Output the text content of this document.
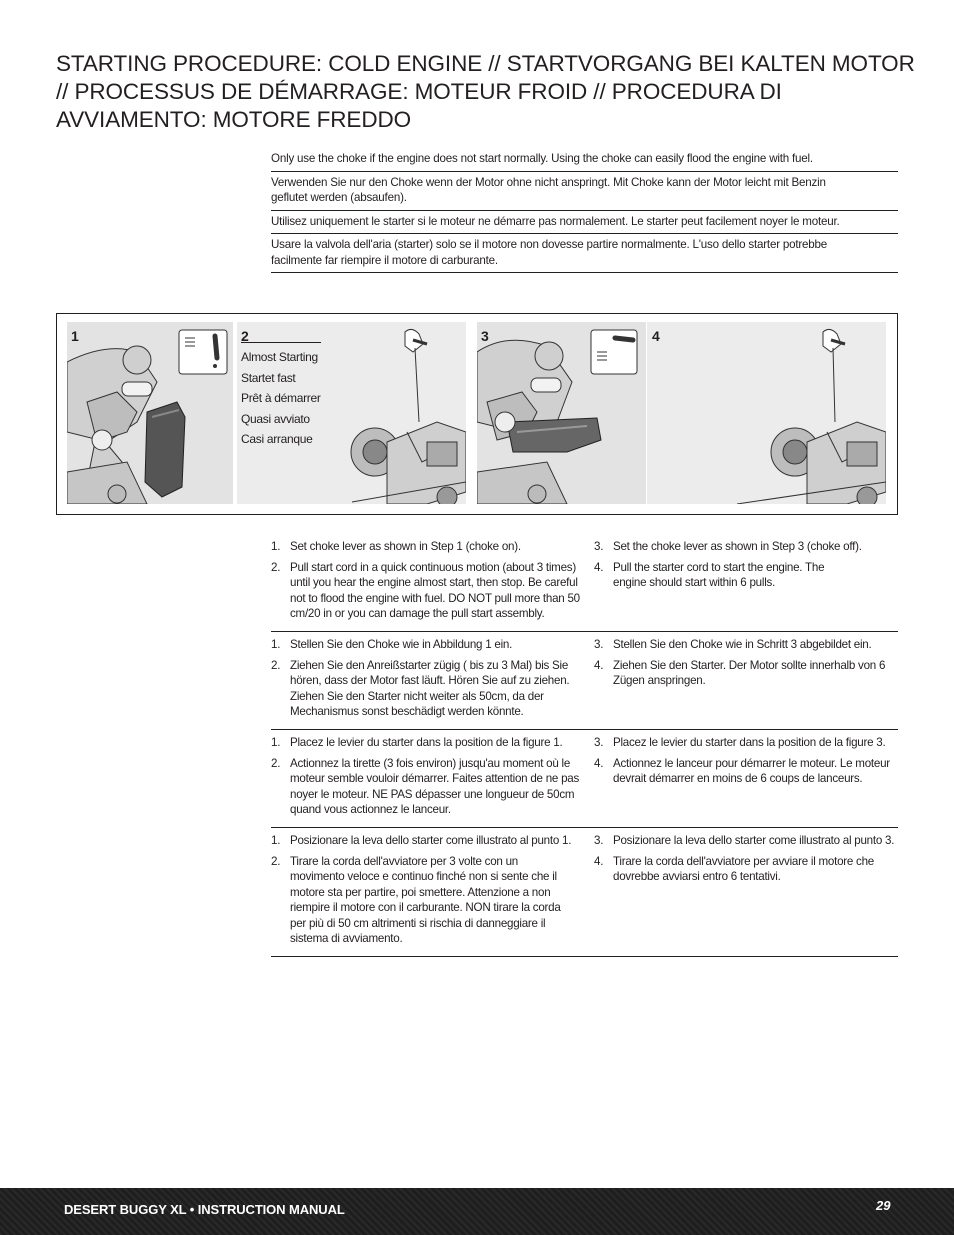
STARTING PROCEDURE: COLD ENGINE // STARTVORGANG BEI KALTEN MOTOR // PROCESSUS DE DÉMARRAGE: MOTEUR FROID // PROCEDURA DI AVVIAMENTO: MOTORE FREDDO
Only use the choke if the engine does not start normally. Using the choke can easily flood the engine with fuel.
Verwenden Sie nur den Choke wenn der Motor ohne nicht anspringt. Mit Choke kann der Motor leicht mit Benzin geflutet werden (absaufen).
Utilisez uniquement le starter si le moteur ne démarre pas normalement. Le starter peut facilement noyer le moteur.
Usare la valvola dell'aria (starter) solo se il motore non dovesse partire normalmente. L'uso dello starter potrebbe facilmente far riempire il motore di carburante.
1	2
Almost Starting
Startet fast
Prêt à démarrer
Quasi avviato
Casi arranque
3	4
1. Set choke lever as shown in Step 1 (choke on).
2. Pull start cord in a quick continuous motion (about 3 times) until you hear the engine almost start, then stop. Be careful not to flood the engine with fuel. DO NOT pull more than 50 cm/20 in or you can damage the pull start assembly.
3. Set the choke lever as shown in Step 3 (choke off).
4. Pull the starter cord to start the engine. The engine should start within 6 pulls.
1. Stellen Sie den Choke wie in Abbildung 1 ein.
2. Ziehen Sie den Anreißstarter zügig ( bis zu 3 Mal) bis Sie hören, dass der Motor fast läuft. Hören Sie auf zu ziehen. Ziehen Sie den Starter nicht weiter als 50cm, da der Mechanismus sonst beschädigt werden könnte.
3. Stellen Sie den Choke wie in Schritt 3 abgebildet ein.
4. Ziehen Sie den Starter. Der Motor sollte innerhalb von 6 Zügen anspringen.
1. Placez le levier du starter dans la position de la figure 1.
2. Actionnez la tirette (3 fois environ) jusqu'au moment où le moteur semble vouloir démarrer. Faites attention de ne pas noyer le moteur. NE PAS dépasser une longueur de 50cm quand vous actionnez le lanceur.
3. Placez le levier du starter dans la position de la figure 3.
4. Actionnez le lanceur pour démarrer le moteur. Le moteur devrait démarrer en moins de 6 coups de lanceurs.
1. Posizionare la leva dello starter come illustrato al punto 1.
2. Tirare la corda dell'avviatore per 3 volte con un movimento veloce e continuo finché non si sente che il motore sta per partire, poi smettere. Attenzione a non riempire il motore con il carburante. NON tirare la corda per più di 50 cm altrimenti si rischia di danneggiare il sistema di avviamento.
3. Posizionare la leva dello starter come illustrato al punto 3.
4. Tirare la corda dell'avviatore per avviare il motore che dovrebbe avviarsi entro 6 tentativi.
DESERT BUGGY XL • INSTRUCTION MANUAL	29
